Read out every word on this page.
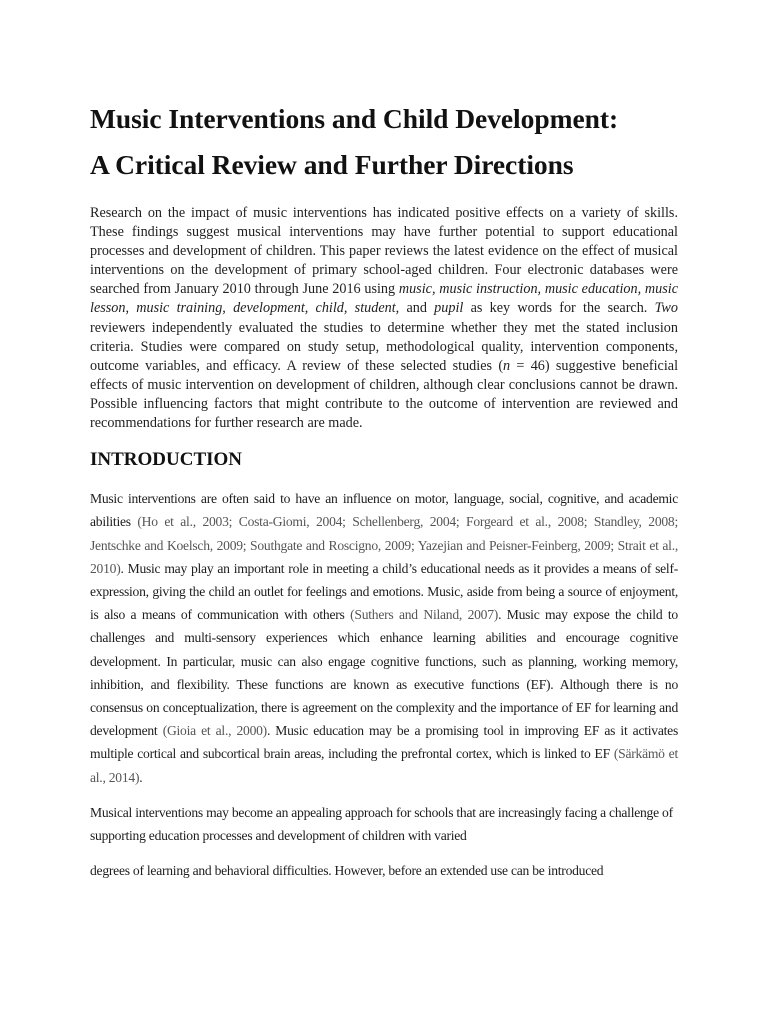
Music Interventions and Child Development:
A Critical Review and Further Directions

Research on the impact of music interventions has indicated positive effects on a variety of skills. These findings suggest musical interventions may have further potential to support educational processes and development of children. This paper reviews the latest evidence on the effect of musical interventions on the development of primary school-aged children. Four electronic databases were searched from January 2010 through June 2016 using music, music instruction, music education, music lesson, music training, development, child, student, and pupil as key words for the search. Two reviewers independently evaluated the studies to determine whether they met the stated inclusion criteria. Studies were compared on study setup, methodological quality, intervention components, outcome variables, and efficacy. A review of these selected studies (n = 46) suggestive beneficial effects of music intervention on development of children, although clear conclusions cannot be drawn. Possible influencing factors that might contribute to the outcome of intervention are reviewed and recommendations for further research are made.

INTRODUCTION

Music interventions are often said to have an influence on motor, language, social, cognitive, and academic abilities (Ho et al., 2003; Costa-Giomi, 2004; Schellenberg, 2004; Forgeard et al., 2008; Standley, 2008; Jentschke and Koelsch, 2009; Southgate and Roscigno, 2009; Yazejian and Peisner-Feinberg, 2009; Strait et al., 2010). Music may play an important role in meeting a child’s educational needs as it provides a means of self-expression, giving the child an outlet for feelings and emotions. Music, aside from being a source of enjoyment, is also a means of communication with others (Suthers and Niland, 2007). Music may expose the child to challenges and multi-sensory experiences which enhance learning abilities and encourage cognitive development. In particular, music can also engage cognitive functions, such as planning, working memory, inhibition, and flexibility. These functions are known as executive functions (EF). Although there is no consensus on conceptualization, there is agreement on the complexity and the importance of EF for learning and development (Gioia et al., 2000). Music education may be a promising tool in improving EF as it activates multiple cortical and subcortical brain areas, including the prefrontal cortex, which is linked to EF (Särkämö et al., 2014).

Musical interventions may become an appealing approach for schools that are increasingly facing a challenge of supporting education processes and development of children with varied

degrees of learning and behavioral difficulties. However, before an extended use can be introduced
